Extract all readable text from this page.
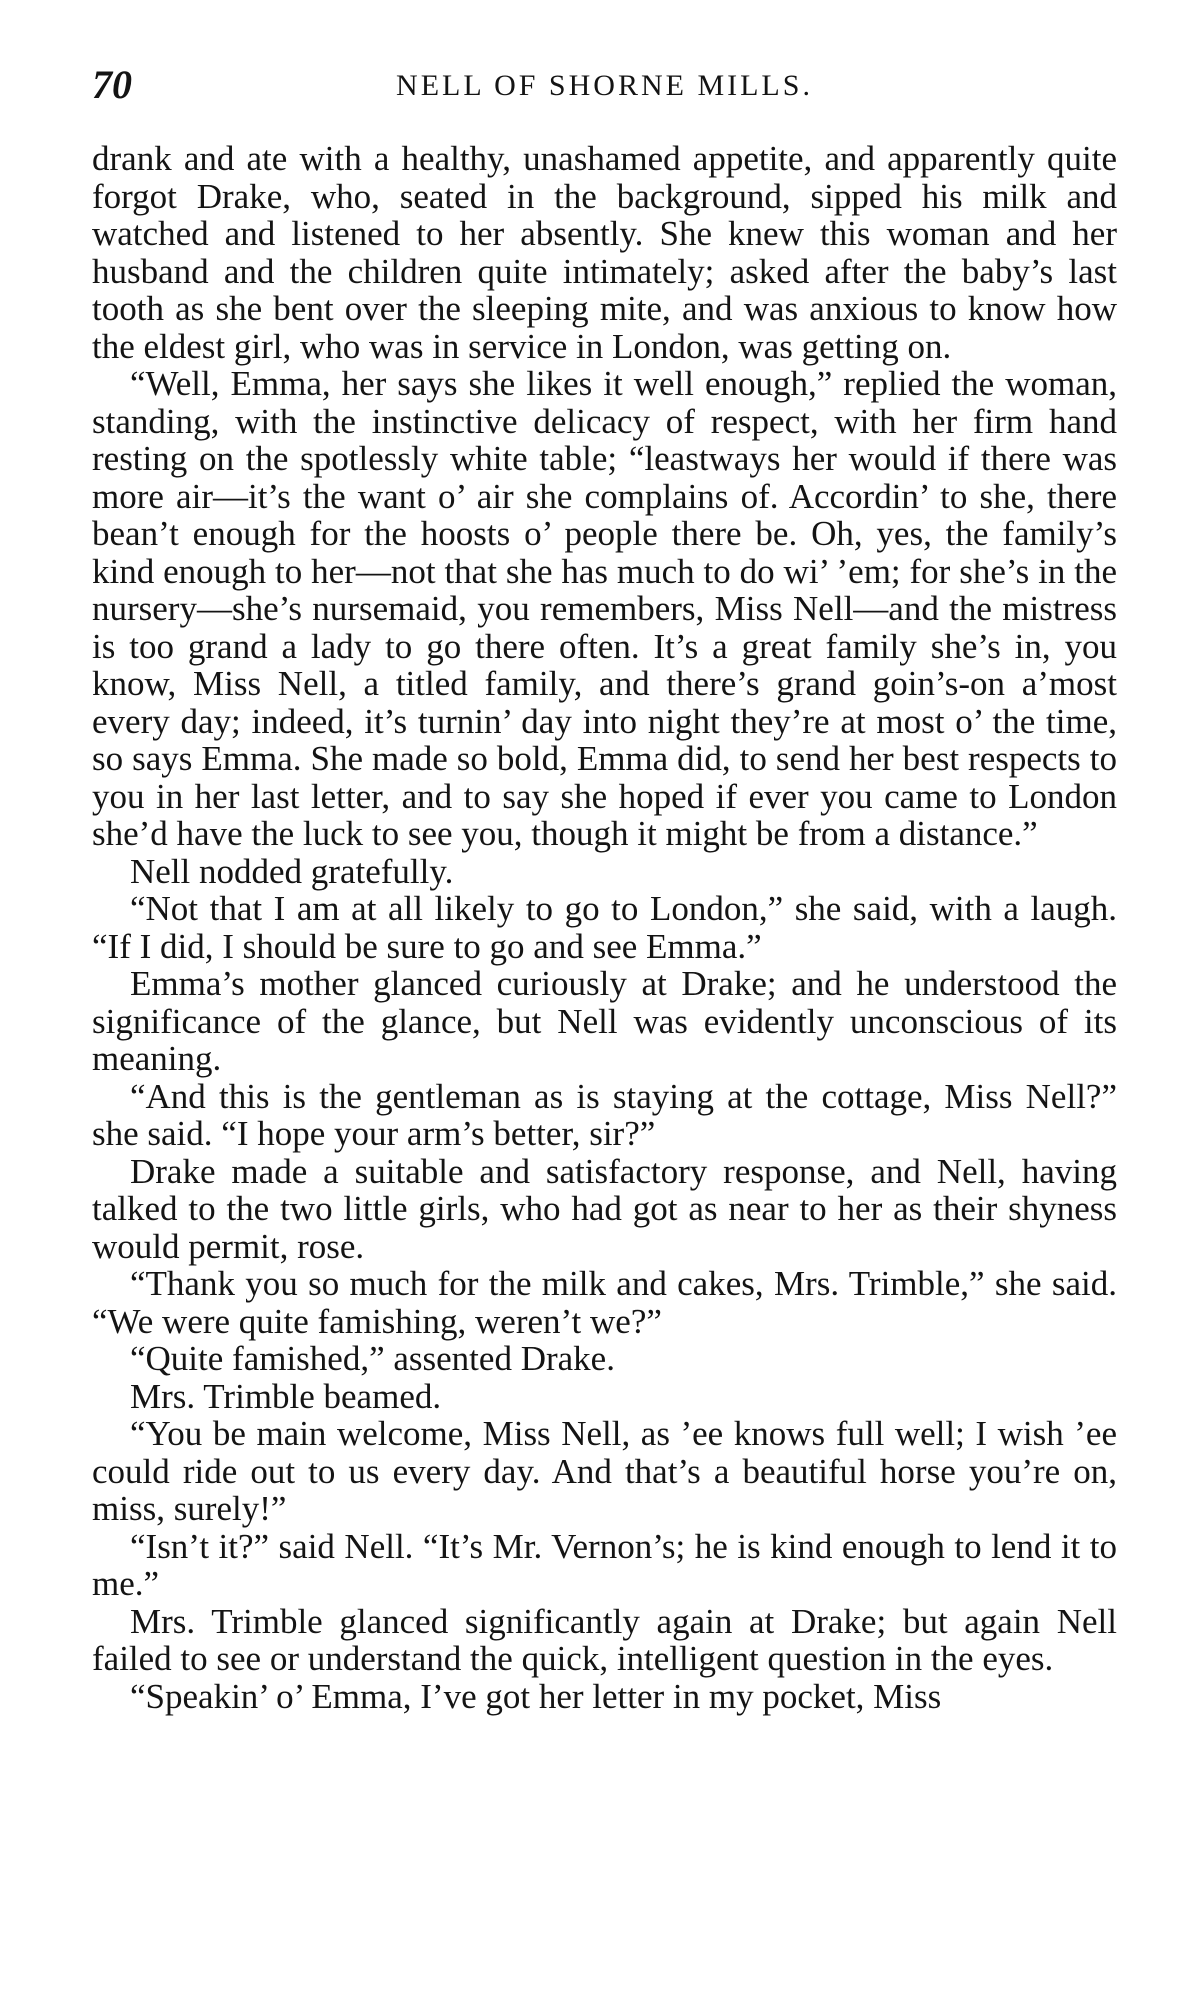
70	NELL OF SHORNE MILLS.

drank and ate with a healthy, unashamed appetite, and apparently quite forgot Drake, who, seated in the background, sipped his milk and watched and listened to her absently. She knew this woman and her husband and the children quite intimately; asked after the baby’s last tooth as she bent over the sleeping mite, and was anxious to know how the eldest girl, who was in service in London, was getting on.

“Well, Emma, her says she likes it well enough,” replied the woman, standing, with the instinctive delicacy of respect, with her firm hand resting on the spotlessly white table; “leastways her would if there was more air—it’s the want o’ air she complains of. Accordin’ to she, there bean’t enough for the hoosts o’ people there be. Oh, yes, the family’s kind enough to her—not that she has much to do wi’ ’em; for she’s in the nursery—she’s nursemaid, you remembers, Miss Nell—and the mistress is too grand a lady to go there often. It’s a great family she’s in, you know, Miss Nell, a titled family, and there’s grand goin’s-on a’most every day; indeed, it’s turnin’ day into night they’re at most o’ the time, so says Emma. She made so bold, Emma did, to send her best respects to you in her last letter, and to say she hoped if ever you came to London she’d have the luck to see you, though it might be from a distance.”

Nell nodded gratefully.

“Not that I am at all likely to go to London,” she said, with a laugh. “If I did, I should be sure to go and see Emma.”

Emma’s mother glanced curiously at Drake; and he understood the significance of the glance, but Nell was evidently unconscious of its meaning.

“And this is the gentleman as is staying at the cottage, Miss Nell?” she said. “I hope your arm’s better, sir?”

Drake made a suitable and satisfactory response, and Nell, having talked to the two little girls, who had got as near to her as their shyness would permit, rose.

“Thank you so much for the milk and cakes, Mrs. Trimble,” she said. “We were quite famishing, weren’t we?”

“Quite famished,” assented Drake.

Mrs. Trimble beamed.

“You be main welcome, Miss Nell, as ’ee knows full well; I wish ’ee could ride out to us every day. And that’s a beautiful horse you’re on, miss, surely!”

“Isn’t it?” said Nell. “It’s Mr. Vernon’s; he is kind enough to lend it to me.”

Mrs. Trimble glanced significantly again at Drake; but again Nell failed to see or understand the quick, intelligent question in the eyes.

“Speakin’ o’ Emma, I’ve got her letter in my pocket, Miss
